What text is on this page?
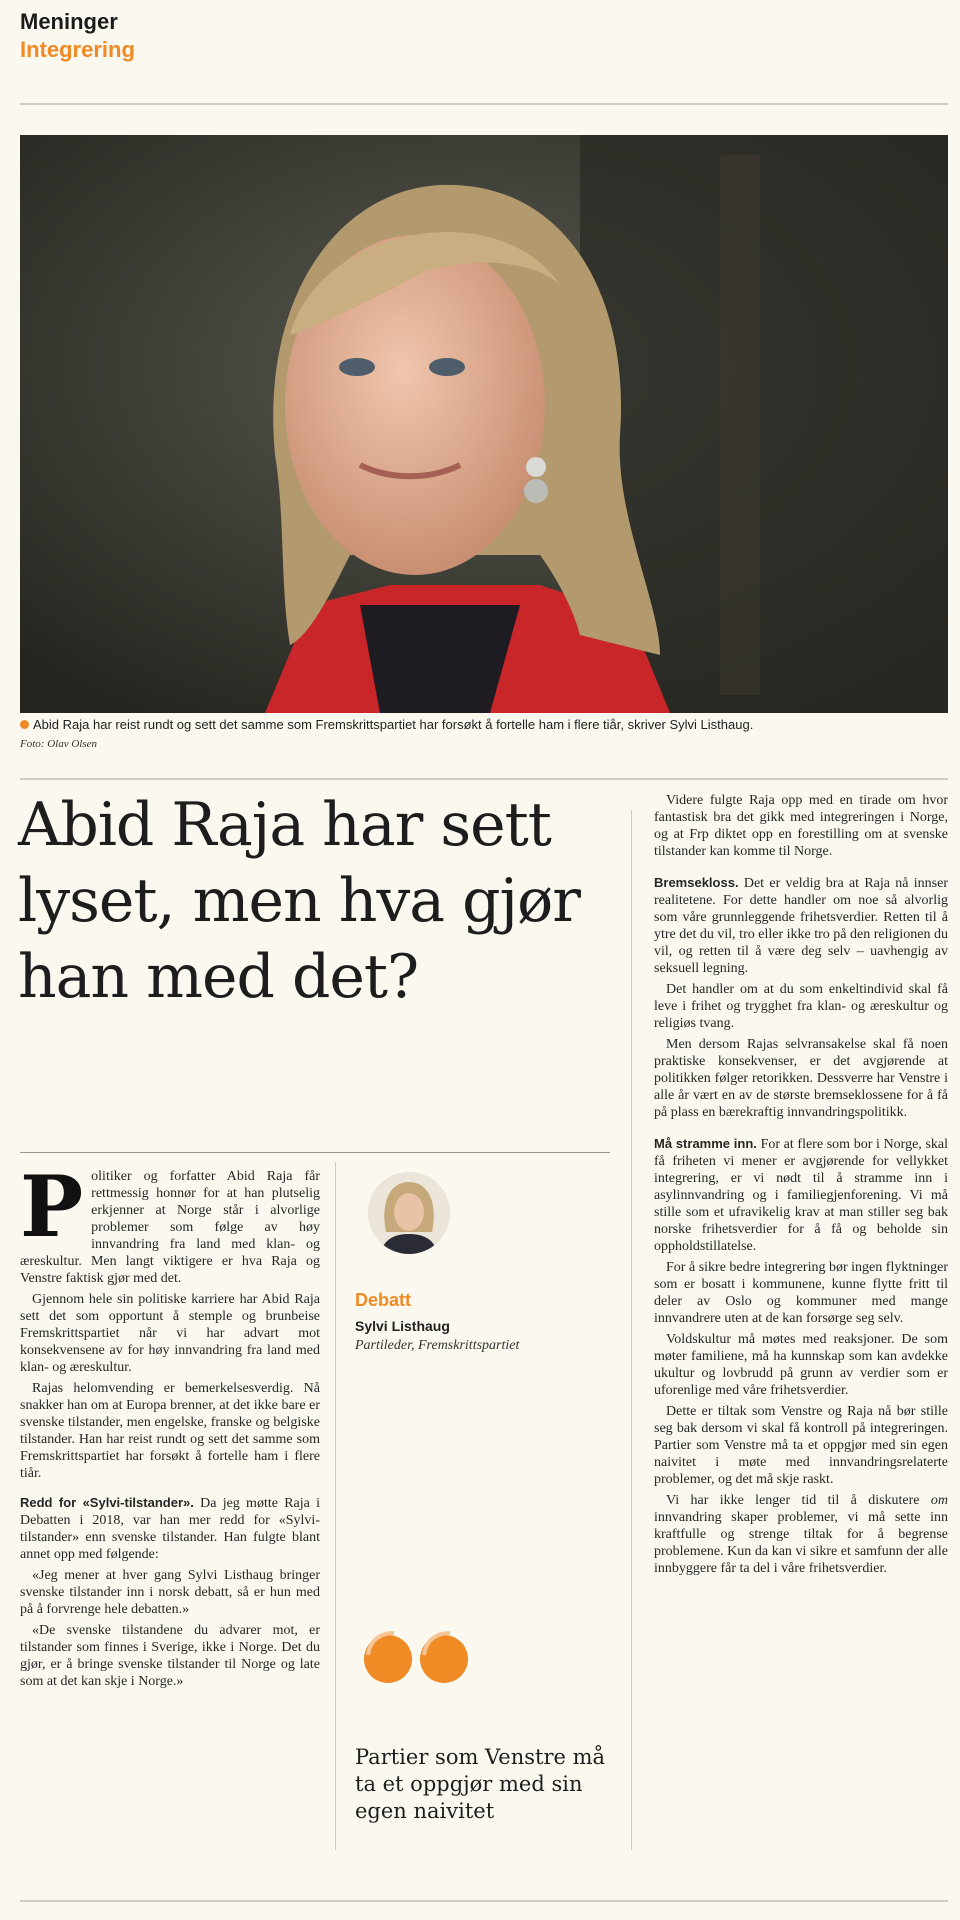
Meninger
Integrering
Abid Raja har reist rundt og sett det samme som Fremskrittspartiet har forsøkt å fortelle ham i flere tiår, skriver Sylvi Listhaug.
Foto: Olav Olsen
Abid Raja har sett lyset, men hva gjør han med det?

Politiker og forfatter Abid Raja får rettmessig honnør for at han plutselig erkjenner at Norge står i alvorlige problemer som følge av høy innvandring fra land med klan- og æreskultur. Men langt viktigere er hva Raja og Venstre faktisk gjør med det.

Gjennom hele sin politiske karriere har Abid Raja sett det som opportunt å stemple og brunbeise Fremskrittspartiet når vi har advart mot konsekvensene av for høy innvandring fra land med klan- og æreskultur.

Rajas helomvending er bemerkelsesverdig. Nå snakker han om at Europa brenner, at det ikke bare er svenske tilstander, men engelske, franske og belgiske tilstander. Han har reist rundt og sett det samme som Fremskrittspartiet har forsøkt å fortelle ham i flere tiår.

Redd for «Sylvi-tilstander». Da jeg møtte Raja i Debatten i 2018, var han mer redd for «Sylvi-tilstander» enn svenske tilstander. Han fulgte blant annet opp med følgende:

«Jeg mener at hver gang Sylvi Listhaug bringer svenske tilstander inn i norsk debatt, så er hun med på å forvrenge hele debatten.»

«De svenske tilstandene du advarer mot, er tilstander som finnes i Sverige, ikke i Norge. Det du gjør, er å bringe svenske tilstander til Norge og late som at det kan skje i Norge.»

Debatt
Sylvi Listhaug
Partileder, Fremskrittspartiet

Partier som Venstre må ta et oppgjør med sin egen naivitet

Videre fulgte Raja opp med en tirade om hvor fantastisk bra det gikk med integreringen i Norge, og at Frp diktet opp en forestilling om at svenske tilstander kan komme til Norge.

Bremsekloss. Det er veldig bra at Raja nå innser realitetene. For dette handler om noe så alvorlig som våre grunnleggende frihetsverdier. Retten til å ytre det du vil, tro eller ikke tro på den religionen du vil, og retten til å være deg selv – uavhengig av seksuell legning.

Det handler om at du som enkeltindivid skal få leve i frihet og trygghet fra klan- og æreskultur og religiøs tvang.

Men dersom Rajas selvransakelse skal få noen praktiske konsekvenser, er det avgjørende at politikken følger retorikken. Dessverre har Venstre i alle år vært en av de største bremseklossene for å få på plass en bærekraftig innvandringspolitikk.

Må stramme inn. For at flere som bor i Norge, skal få friheten vi mener er avgjørende for vellykket integrering, er vi nødt til å stramme inn i asylinnvandring og i familiegjenforening. Vi må stille som et ufravikelig krav at man stiller seg bak norske frihetsverdier for å få og beholde sin oppholdstillatelse.

For å sikre bedre integrering bør ingen flyktninger som er bosatt i kommunene, kunne flytte fritt til deler av Oslo og kommuner med mange innvandrere uten at de kan forsørge seg selv.

Voldskultur må møtes med reaksjoner. De som møter familiene, må ha kunnskap som kan avdekke ukultur og lovbrudd på grunn av verdier som er uforenlige med våre frihetsverdier.

Dette er tiltak som Venstre og Raja nå bør stille seg bak dersom vi skal få kontroll på integreringen. Partier som Venstre må ta et oppgjør med sin egen naivitet i møte med innvandringsrelaterte problemer, og det må skje raskt.

Vi har ikke lenger tid til å diskutere om innvandring skaper problemer, vi må sette inn kraftfulle og strenge tiltak for å begrense problemene. Kun da kan vi sikre et samfunn der alle innbyggere får ta del i våre frihetsverdier.
